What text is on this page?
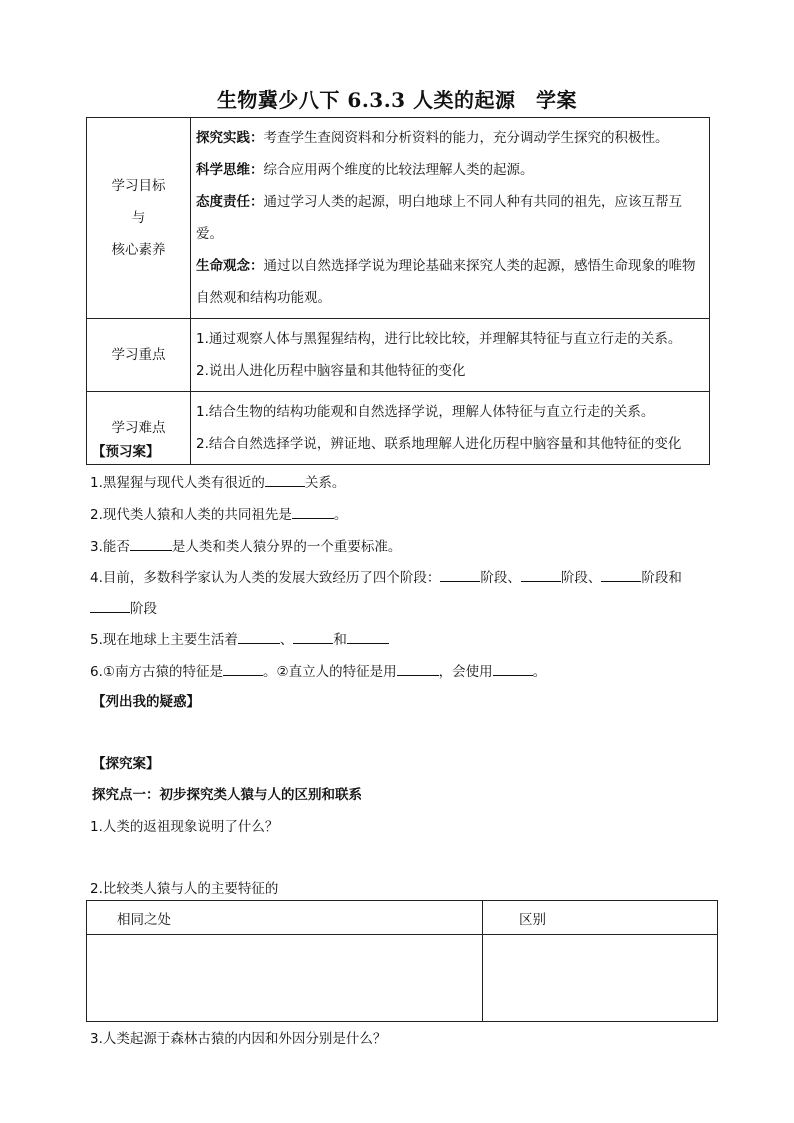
生物冀少八下 6.3.3 人类的起源　学案
学习目标
与
核心素养	探究实践：考查学生查阅资料和分析资料的能力，充分调动学生探究的积极性。
科学思维：综合应用两个维度的比较法理解人类的起源。
态度责任：通过学习人类的起源，明白地球上不同人种有共同的祖先，应该互帮互爱。
生命观念：通过以自然选择学说为理论基础来探究人类的起源，感悟生命现象的唯物自然观和结构功能观。

学习重点	1.通过观察人体与黑猩猩结构，进行比较比较，并理解其特征与直立行走的关系。
2.说出人进化历程中脑容量和其他特征的变化

学习难点	1.结合生物的结构功能观和自然选择学说，理解人体特征与直立行走的关系。
2.结合自然选择学说，辨证地、联系地理解人进化历程中脑容量和其他特征的变化
【预习案】
1.黑猩猩与现代人类有很近的	关系。
2.现代类人猿和人类的共同祖先是	。
3.能否	是人类和类人猿分界的一个重要标准。
4.目前，多数科学家认为人类的发展大致经历了四个阶段：	阶段、	阶段、	阶段和
阶段
5.现在地球上主要生活着	、	和
6.①南方古猿的特征是	。②直立人的特征是用	，会使用	。
【列出我的疑惑】
【探究案】
探究点一：初步探究类人猿与人的区别和联系
1.人类的返祖现象说明了什么？
2.比较类人猿与人的主要特征的
相同之处	区别

3.人类起源于森林古猿的内因和外因分别是什么？
